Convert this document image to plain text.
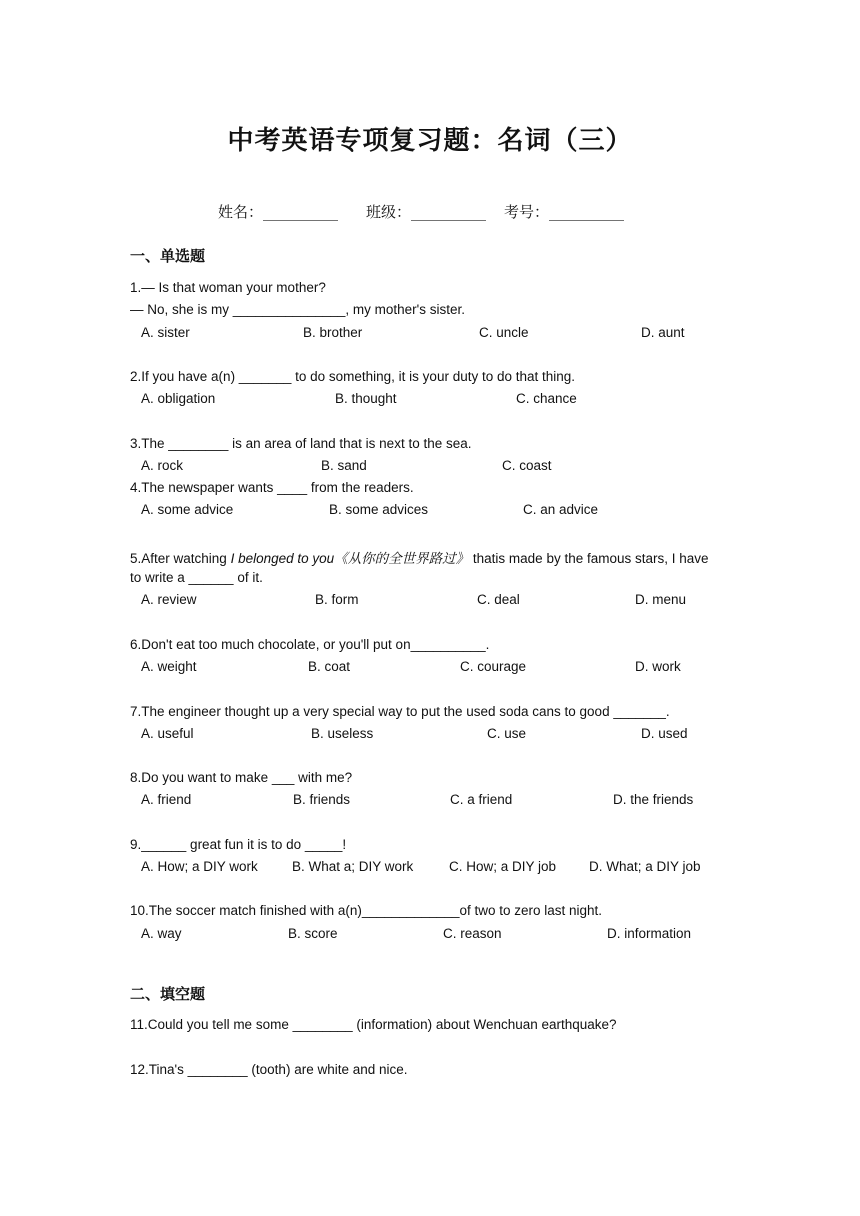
中考英语专项复习题：名词（三）
姓名：__________ 班级：__________ 考号：__________
一、单选题
1.— Is that woman your mother?
— No, she is my _______________, my mother's sister.
A. sister	B. brother	C. uncle	D. aunt
2.If you have a(n) _______ to do something, it is your duty to do that thing.
A. obligation	B. thought	C. chance
3.The ________ is an area of land that is next to the sea.
A. rock	B. sand	C. coast
4.The newspaper wants ____ from the readers.
A. some advice	B. some advices	C. an advice
5.After watching I belonged to you《从你的全世界路过》 thatis made by the famous stars, I have
to write a ______ of it.
A. review	B. form	C. deal	D. menu
6.Don't eat too much chocolate, or you'll put on__________.
A. weight	B. coat	C. courage	D. work
7.The engineer thought up a very special way to put the used soda cans to good _______.
A. useful	B. useless	C. use	D. used
8.Do you want to make ___ with me?
A. friend	B. friends	C. a friend	D. the friends
9.______ great fun it is to do _____!
A. How; a DIY work	B. What a; DIY work	C. How; a DIY job D. What; a DIY job
10.The soccer match finished with a(n)_____________of two to zero last night.
A. way	B. score	C. reason	D. information
二、填空题
11.Could you tell me some ________ (information) about Wenchuan earthquake?
12.Tina's ________ (tooth) are white and nice.
